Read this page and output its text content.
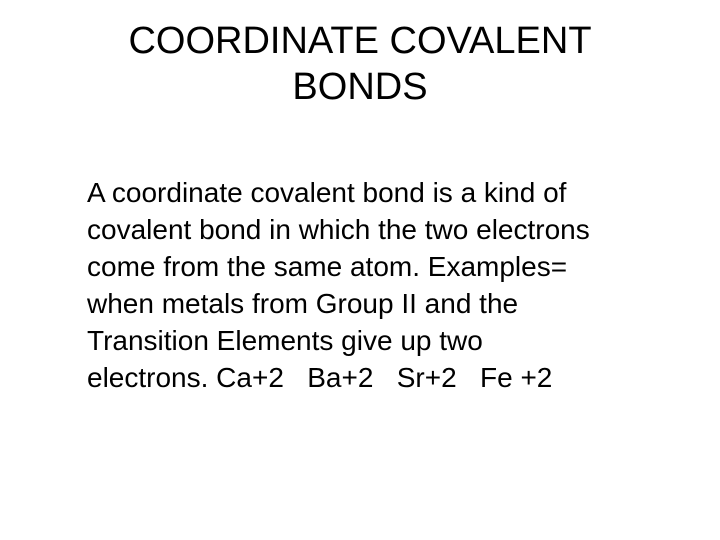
COORDINATE COVALENT
BONDS
A coordinate covalent bond is a kind of
covalent bond in which the two electrons
come from the same atom. Examples=
when metals from Group II and the
Transition Elements give up two
electrons. Ca+2   Ba+2   Sr+2   Fe +2
